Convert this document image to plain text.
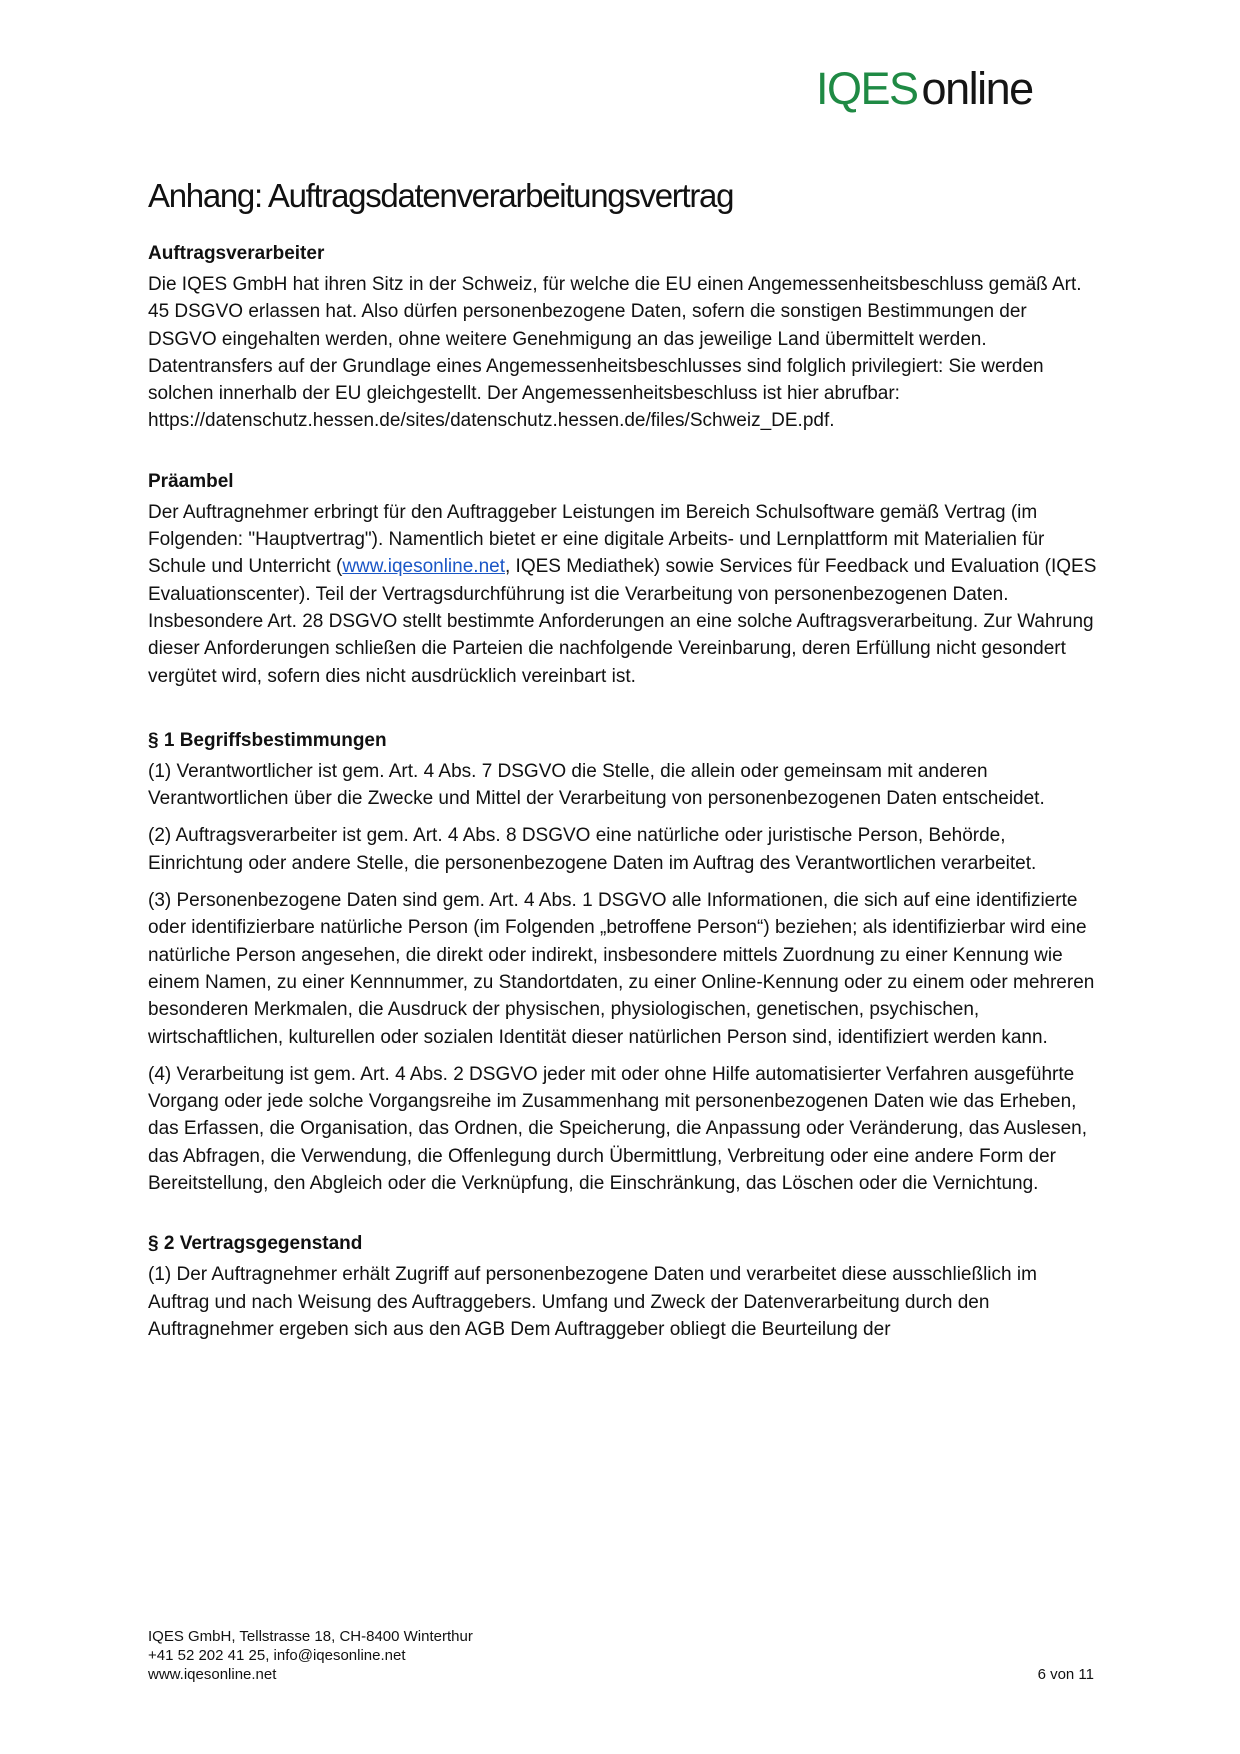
IQESonline
Anhang: Auftragsdatenverarbeitungsvertrag
Auftragsverarbeiter

Die IQES GmbH hat ihren Sitz in der Schweiz, für welche die EU einen Angemessenheitsbeschluss gemäß Art. 45 DSGVO erlassen hat. Also dürfen personenbezogene Daten, sofern die sonstigen Bestimmungen der DSGVO eingehalten werden, ohne weitere Genehmigung an das jeweilige Land übermittelt werden. Datentransfers auf der Grundlage eines Angemessenheitsbeschlusses sind folglich privilegiert: Sie werden solchen innerhalb der EU gleichgestellt. Der Angemessenheitsbeschluss ist hier abrufbar: https://datenschutz.hessen.de/sites/datenschutz.hessen.de/files/Schweiz_DE.pdf.

Präambel

Der Auftragnehmer erbringt für den Auftraggeber Leistungen im Bereich Schulsoftware gemäß Vertrag (im Folgenden: "Hauptvertrag"). Namentlich bietet er eine digitale Arbeits- und Lernplattform mit Materialien für Schule und Unterricht (www.iqesonline.net, IQES Mediathek) sowie Services für Feedback und Evaluation (IQES Evaluationscenter). Teil der Vertragsdurchführung ist die Verarbeitung von personenbezogenen Daten. Insbesondere Art. 28 DSGVO stellt bestimmte Anforderungen an eine solche Auftragsverarbeitung. Zur Wahrung dieser Anforderungen schließen die Parteien die nachfolgende Vereinbarung, deren Erfüllung nicht gesondert vergütet wird, sofern dies nicht ausdrücklich vereinbart ist.

§ 1 Begriffsbestimmungen

(1) Verantwortlicher ist gem. Art. 4 Abs. 7 DSGVO die Stelle, die allein oder gemeinsam mit anderen Verantwortlichen über die Zwecke und Mittel der Verarbeitung von personenbezogenen Daten entscheidet.

(2) Auftragsverarbeiter ist gem. Art. 4 Abs. 8 DSGVO eine natürliche oder juristische Person, Behörde, Einrichtung oder andere Stelle, die personenbezogene Daten im Auftrag des Verantwortlichen verarbeitet.

(3) Personenbezogene Daten sind gem. Art. 4 Abs. 1 DSGVO alle Informationen, die sich auf eine identifizierte oder identifizierbare natürliche Person (im Folgenden „betroffene Person“) beziehen; als identifizierbar wird eine natürliche Person angesehen, die direkt oder indirekt, insbesondere mittels Zuordnung zu einer Kennung wie einem Namen, zu einer Kennnummer, zu Standortdaten, zu einer Online-Kennung oder zu einem oder mehreren besonderen Merkmalen, die Ausdruck der physischen, physiologischen, genetischen, psychischen, wirtschaftlichen, kulturellen oder sozialen Identität dieser natürlichen Person sind, identifiziert werden kann.

(4) Verarbeitung ist gem. Art. 4 Abs. 2 DSGVO jeder mit oder ohne Hilfe automatisierter Verfahren ausgeführte Vorgang oder jede solche Vorgangsreihe im Zusammenhang mit personenbezogenen Daten wie das Erheben, das Erfassen, die Organisation, das Ordnen, die Speicherung, die Anpassung oder Veränderung, das Auslesen, das Abfragen, die Verwendung, die Offenlegung durch Übermittlung, Verbreitung oder eine andere Form der Bereitstellung, den Abgleich oder die Verknüpfung, die Einschränkung, das Löschen oder die Vernichtung.

§ 2 Vertragsgegenstand

(1) Der Auftragnehmer erhält Zugriff auf personenbezogene Daten und verarbeitet diese ausschließlich im Auftrag und nach Weisung des Auftraggebers. Umfang und Zweck der Datenverarbeitung durch den Auftragnehmer ergeben sich aus den AGB Dem Auftraggeber obliegt die Beurteilung der

IQES GmbH, Tellstrasse 18, CH-8400 Winterthur
+41 52 202 41 25, info@iqesonline.net
www.iqesonline.net	6 von 11
